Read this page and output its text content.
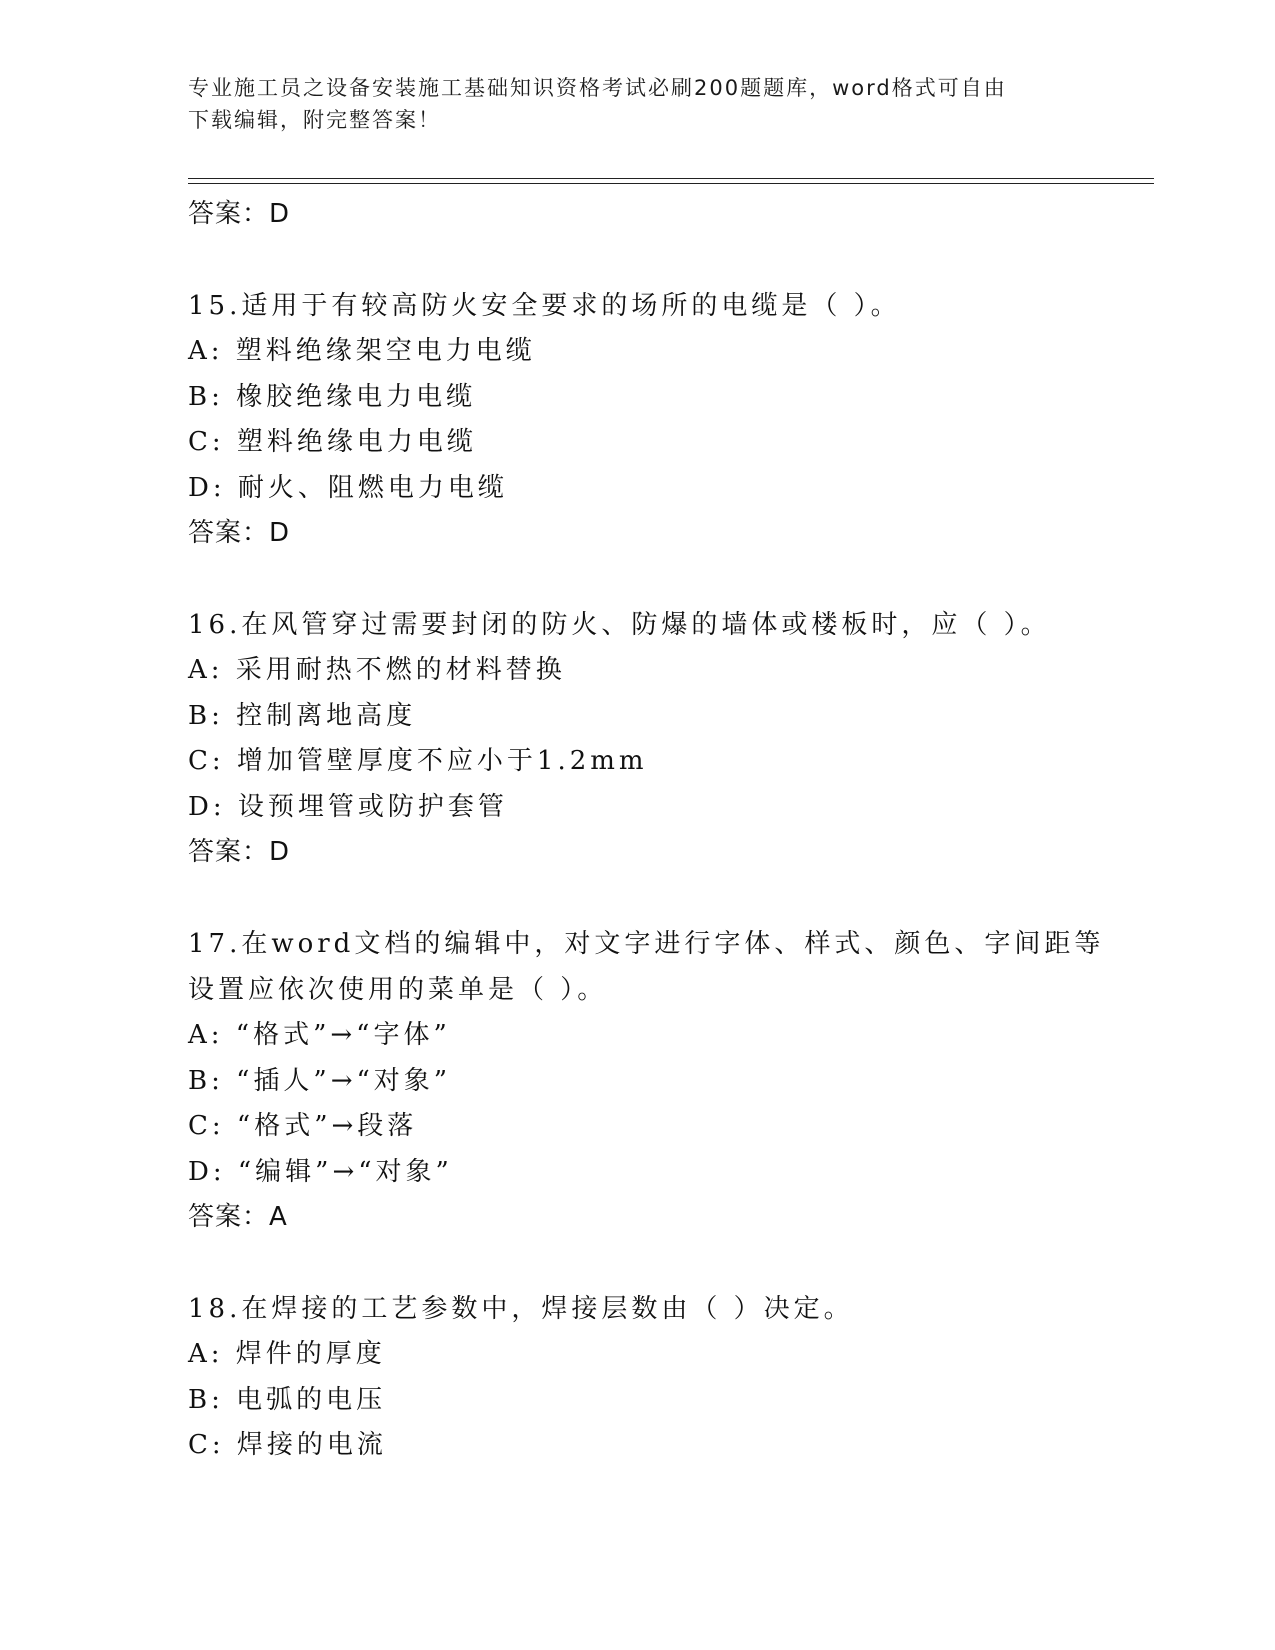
专业施工员之设备安装施工基础知识资格考试必刷200题题库，word格式可自由
下载编辑，附完整答案！
答案：D
15.适用于有较高防火安全要求的场所的电缆是（ ）。
A: 塑料绝缘架空电力电缆
B: 橡胶绝缘电力电缆
C: 塑料绝缘电力电缆
D: 耐火、阻燃电力电缆
答案：D
16.在风管穿过需要封闭的防火、防爆的墙体或楼板时，应（ ）。
A: 采用耐热不燃的材料替换
B: 控制离地高度
C: 增加管壁厚度不应小于1.2mm
D: 设预埋管或防护套管
答案：D
17.在word文档的编辑中，对文字进行字体、样式、颜色、字间距等
设置应依次使用的菜单是（ ）。
A: “格式”→“字体”
B: “插人”→“对象”
C: “格式”→段落
D: “编辑”→“对象”
答案：A
18.在焊接的工艺参数中，焊接层数由（ ）决定。
A: 焊件的厚度
B: 电弧的电压
C: 焊接的电流
